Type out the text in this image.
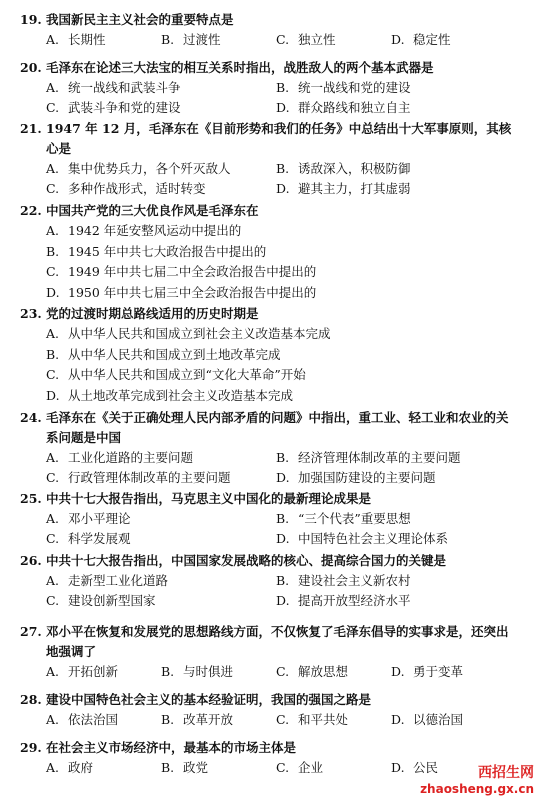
19. 我国新民主主义社会的重要特点是
A. 长期性	B. 过渡性	C. 独立性	D. 稳定性
20. 毛泽东在论述三大法宝的相互关系时指出，战胜敌人的两个基本武器是
A. 统一战线和武装斗争	B. 统一战线和党的建设
C. 武装斗争和党的建设	D. 群众路线和独立自主
21. 1947 年 12 月，毛泽东在《目前形势和我们的任务》中总结出十大军事原则，其核心是
A. 集中优势兵力，各个歼灭敌人	B. 诱敌深入，积极防御
C. 多种作战形式，适时转变	D. 避其主力，打其虚弱
22. 中国共产党的三大优良作风是毛泽东在
A. 1942 年延安整风运动中提出的
B. 1945 年中共七大政治报告中提出的
C. 1949 年中共七届二中全会政治报告中提出的
D. 1950 年中共七届三中全会政治报告中提出的
23. 党的过渡时期总路线适用的历史时期是
A. 从中华人民共和国成立到社会主义改造基本完成
B. 从中华人民共和国成立到土地改革完成
C. 从中华人民共和国成立到“文化大革命”开始
D. 从土地改革完成到社会主义改造基本完成
24. 毛泽东在《关于正确处理人民内部矛盾的问题》中指出，重工业、轻工业和农业的关系问题是中国
A. 工业化道路的主要问题	B. 经济管理体制改革的主要问题
C. 行政管理体制改革的主要问题	D. 加强国防建设的主要问题
25. 中共十七大报告指出，马克思主义中国化的最新理论成果是
A. 邓小平理论	B. “三个代表”重要思想
C. 科学发展观	D. 中国特色社会主义理论体系
26. 中共十七大报告指出，中国国家发展战略的核心、提高综合国力的关键是
A. 走新型工业化道路	B. 建设社会主义新农村
C. 建设创新型国家	D. 提高开放型经济水平
27. 邓小平在恢复和发展党的思想路线方面，不仅恢复了毛泽东倡导的实事求是，还突出地强调了
A. 开拓创新	B. 与时俱进	C. 解放思想	D. 勇于变革
28. 建设中国特色社会主义的基本经验证明，我国的强国之路是
A. 依法治国	B. 改革开放	C. 和平共处	D. 以德治国
29. 在社会主义市场经济中，最基本的市场主体是
A. 政府	B. 政党	C. 企业	D. 公民	西招生网
zhaosheng.gx.cn
